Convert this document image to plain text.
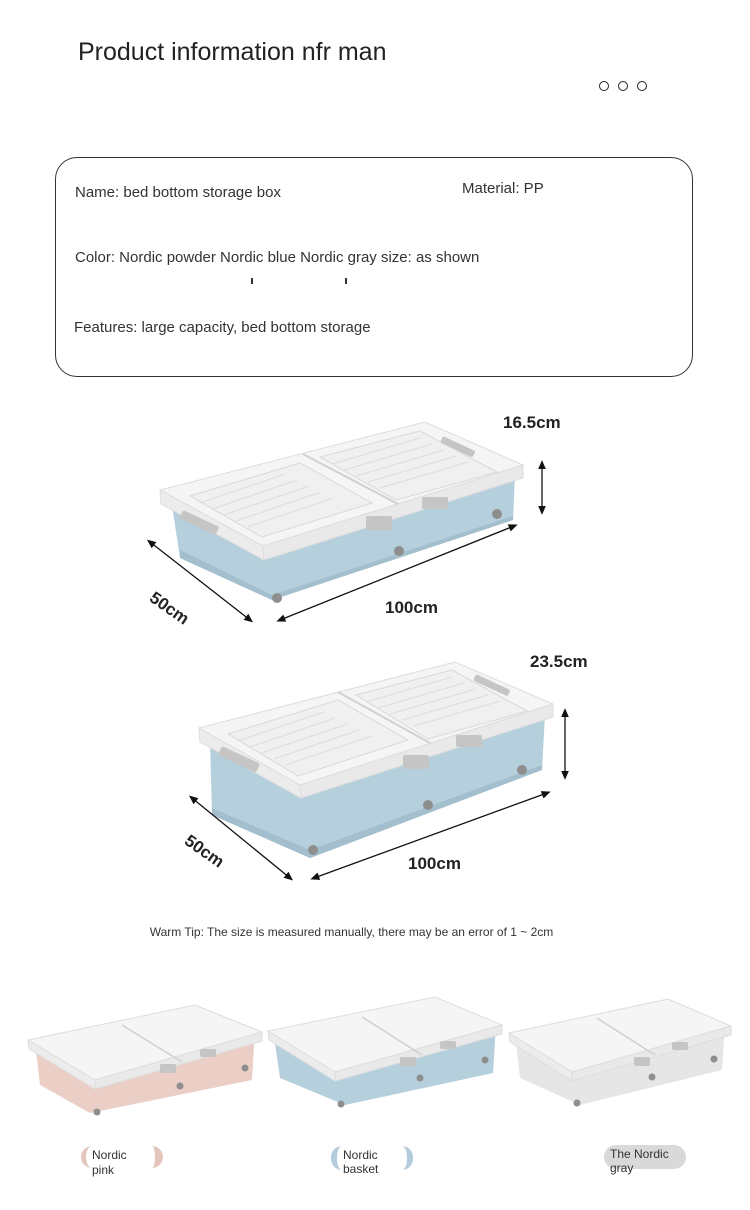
Product information nfr man
Name: bed bottom storage box	Material: PP
Color: Nordic powder Nordic blue Nordic gray size: as shown
Features: large capacity, bed bottom storage
16.5cm
50cm	100cm
23.5cm
50cm	100cm
Warm Tip: The size is measured manually, there may be an error of 1 ~ 2cm
Nordic pink
Nordic basket
The Nordic gray
